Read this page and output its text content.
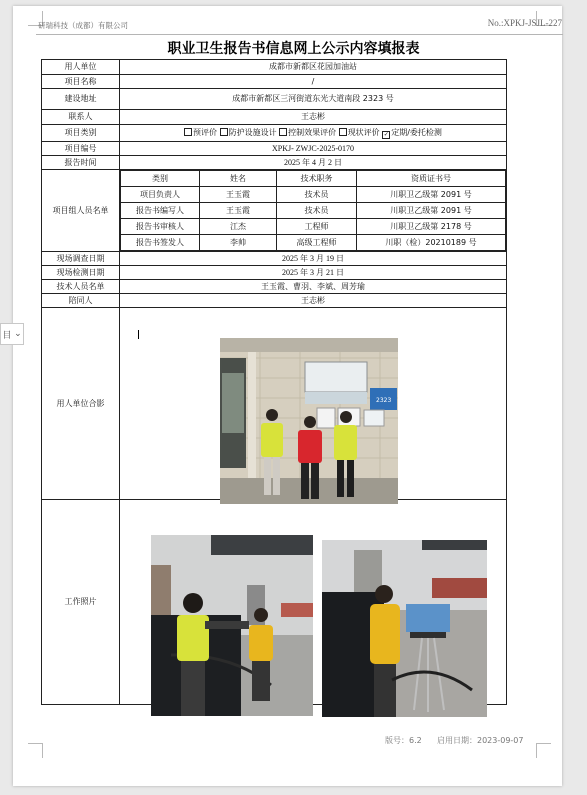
研瑞科技（成都）有限公司	No.:XPKJ-JSJL-227
职业卫生报告书信息网上公示内容填报表
用人单位	成都市新都区花园加油站
项目名称	/
建设地址	成都市新都区三河街道东光大道南段 2323 号
联系人	王志彬
项目类别	预评价 防护设施设计 控制效果评价 现状评价 ✓ 定期/委托检测
项目编号	XPKJ- ZWJC-2025-0170
报告时间	2025 年 4 月 2 日
项目组人员名单	
类别	姓名	技术职务	资质证书号
项目负责人	王玉霞	技术员	川职卫乙级第 2091 号
报告书编写人	王玉霞	技术员	川职卫乙级第 2091 号
报告书审核人	江杰	工程师	川职卫乙级第 2178 号
报告书签发人	李帅	高级工程师	川职（检）20210189 号

现场调查日期	2025 年 3 月 19 日
现场检测日期	2025 年 3 月 21 日
技术人员名单	王玉霞、曹羽、李斌、周芳瑜
陪同人	王志彬
用人单位合影	
工作照片	
2323
版号：6.2 启用日期：2023-09-07
目 ⌄
